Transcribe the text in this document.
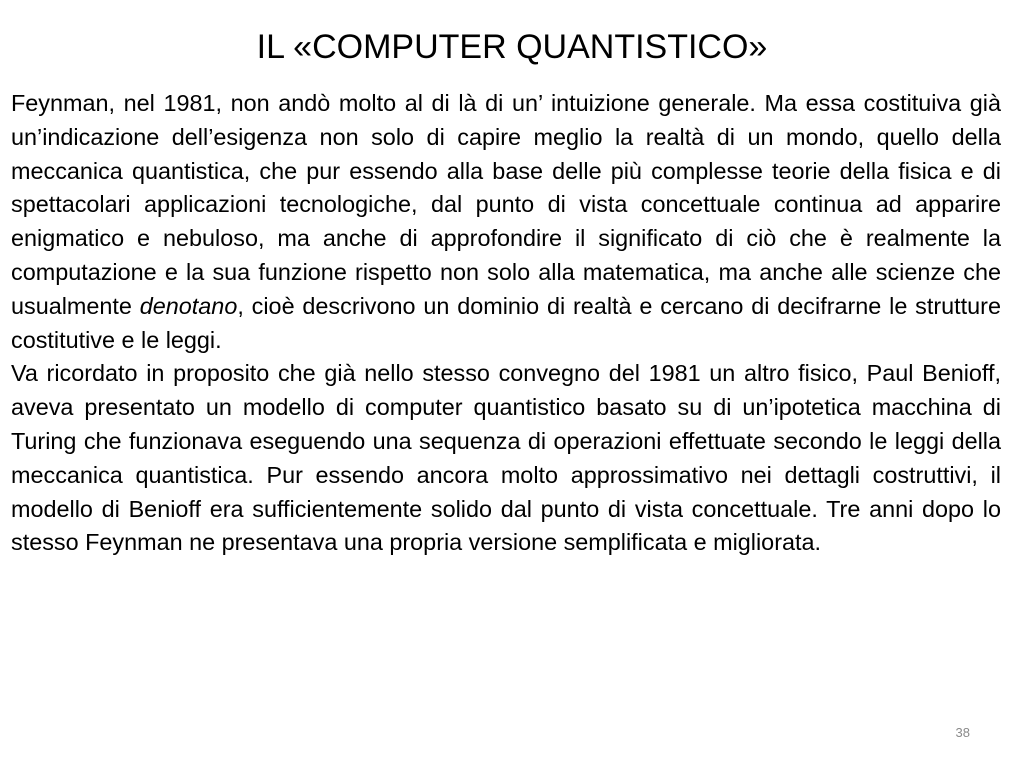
IL «COMPUTER QUANTISTICO»

Feynman, nel 1981, non andò molto al di là di un’ intuizione generale. Ma essa costituiva già un’indicazione dell’esigenza non solo di capire meglio la realtà di un mondo, quello della meccanica quantistica, che pur essendo alla base delle più complesse teorie della fisica e di spettacolari applicazioni tecnologiche, dal punto di vista concettuale continua ad apparire enigmatico e nebuloso, ma anche di approfondire il significato di ciò che è realmente la computazione e la sua funzione rispetto non solo alla matematica, ma anche alle scienze che usualmente denotano, cioè descrivono un dominio di realtà e cercano di decifrarne le strutture costitutive e le leggi.

Va ricordato in proposito che già nello stesso convegno del 1981 un altro fisico, Paul Benioff, aveva presentato un modello di computer quantistico basato su di un’ipotetica macchina di Turing che funzionava eseguendo una sequenza di operazioni effettuate secondo le leggi della meccanica quantistica. Pur essendo ancora molto approssimativo nei dettagli costruttivi, il modello di Benioff era sufficientemente solido dal punto di vista concettuale. Tre anni dopo lo stesso Feynman ne presentava una propria versione semplificata e migliorata.

38
